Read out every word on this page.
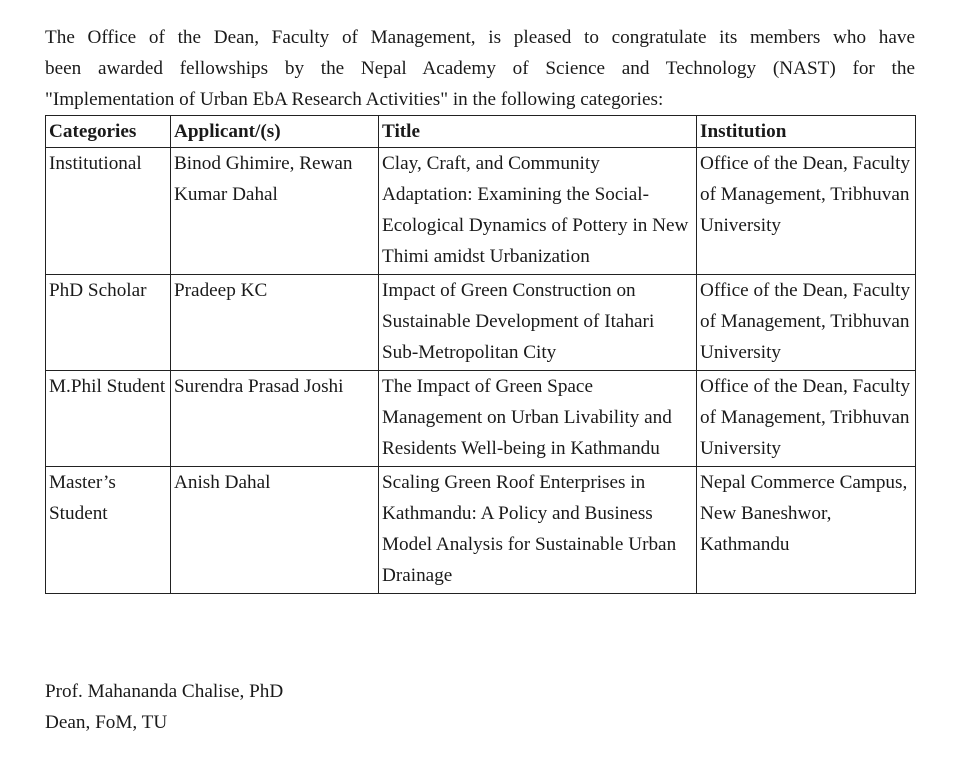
The Office of the Dean, Faculty of Management, is pleased to congratulate its members who have
been awarded fellowships by the Nepal Academy of Science and Technology (NAST) for the
"Implementation of Urban EbA Research Activities" in the following categories:

Categories	Applicant/(s)	Title	Institution
Institutional	Binod Ghimire, Rewan Kumar Dahal	Clay, Craft, and Community Adaptation: Examining the Social-Ecological Dynamics of Pottery in New Thimi amidst Urbanization	Office of the Dean, Faculty of Management, Tribhuvan University
PhD Scholar	Pradeep KC	Impact of Green Construction on Sustainable Development of Itahari Sub-Metropolitan City	Office of the Dean, Faculty of Management, Tribhuvan University
M.Phil Student	Surendra Prasad Joshi	The Impact of Green Space Management on Urban Livability and Residents Well-being in Kathmandu	Office of the Dean, Faculty of Management, Tribhuvan University
Master’s Student	Anish Dahal	Scaling Green Roof Enterprises in Kathmandu: A Policy and Business Model Analysis for Sustainable Urban Drainage	Nepal Commerce Campus, New Baneshwor, Kathmandu
Prof. Mahananda Chalise, PhD
Dean, FoM, TU
